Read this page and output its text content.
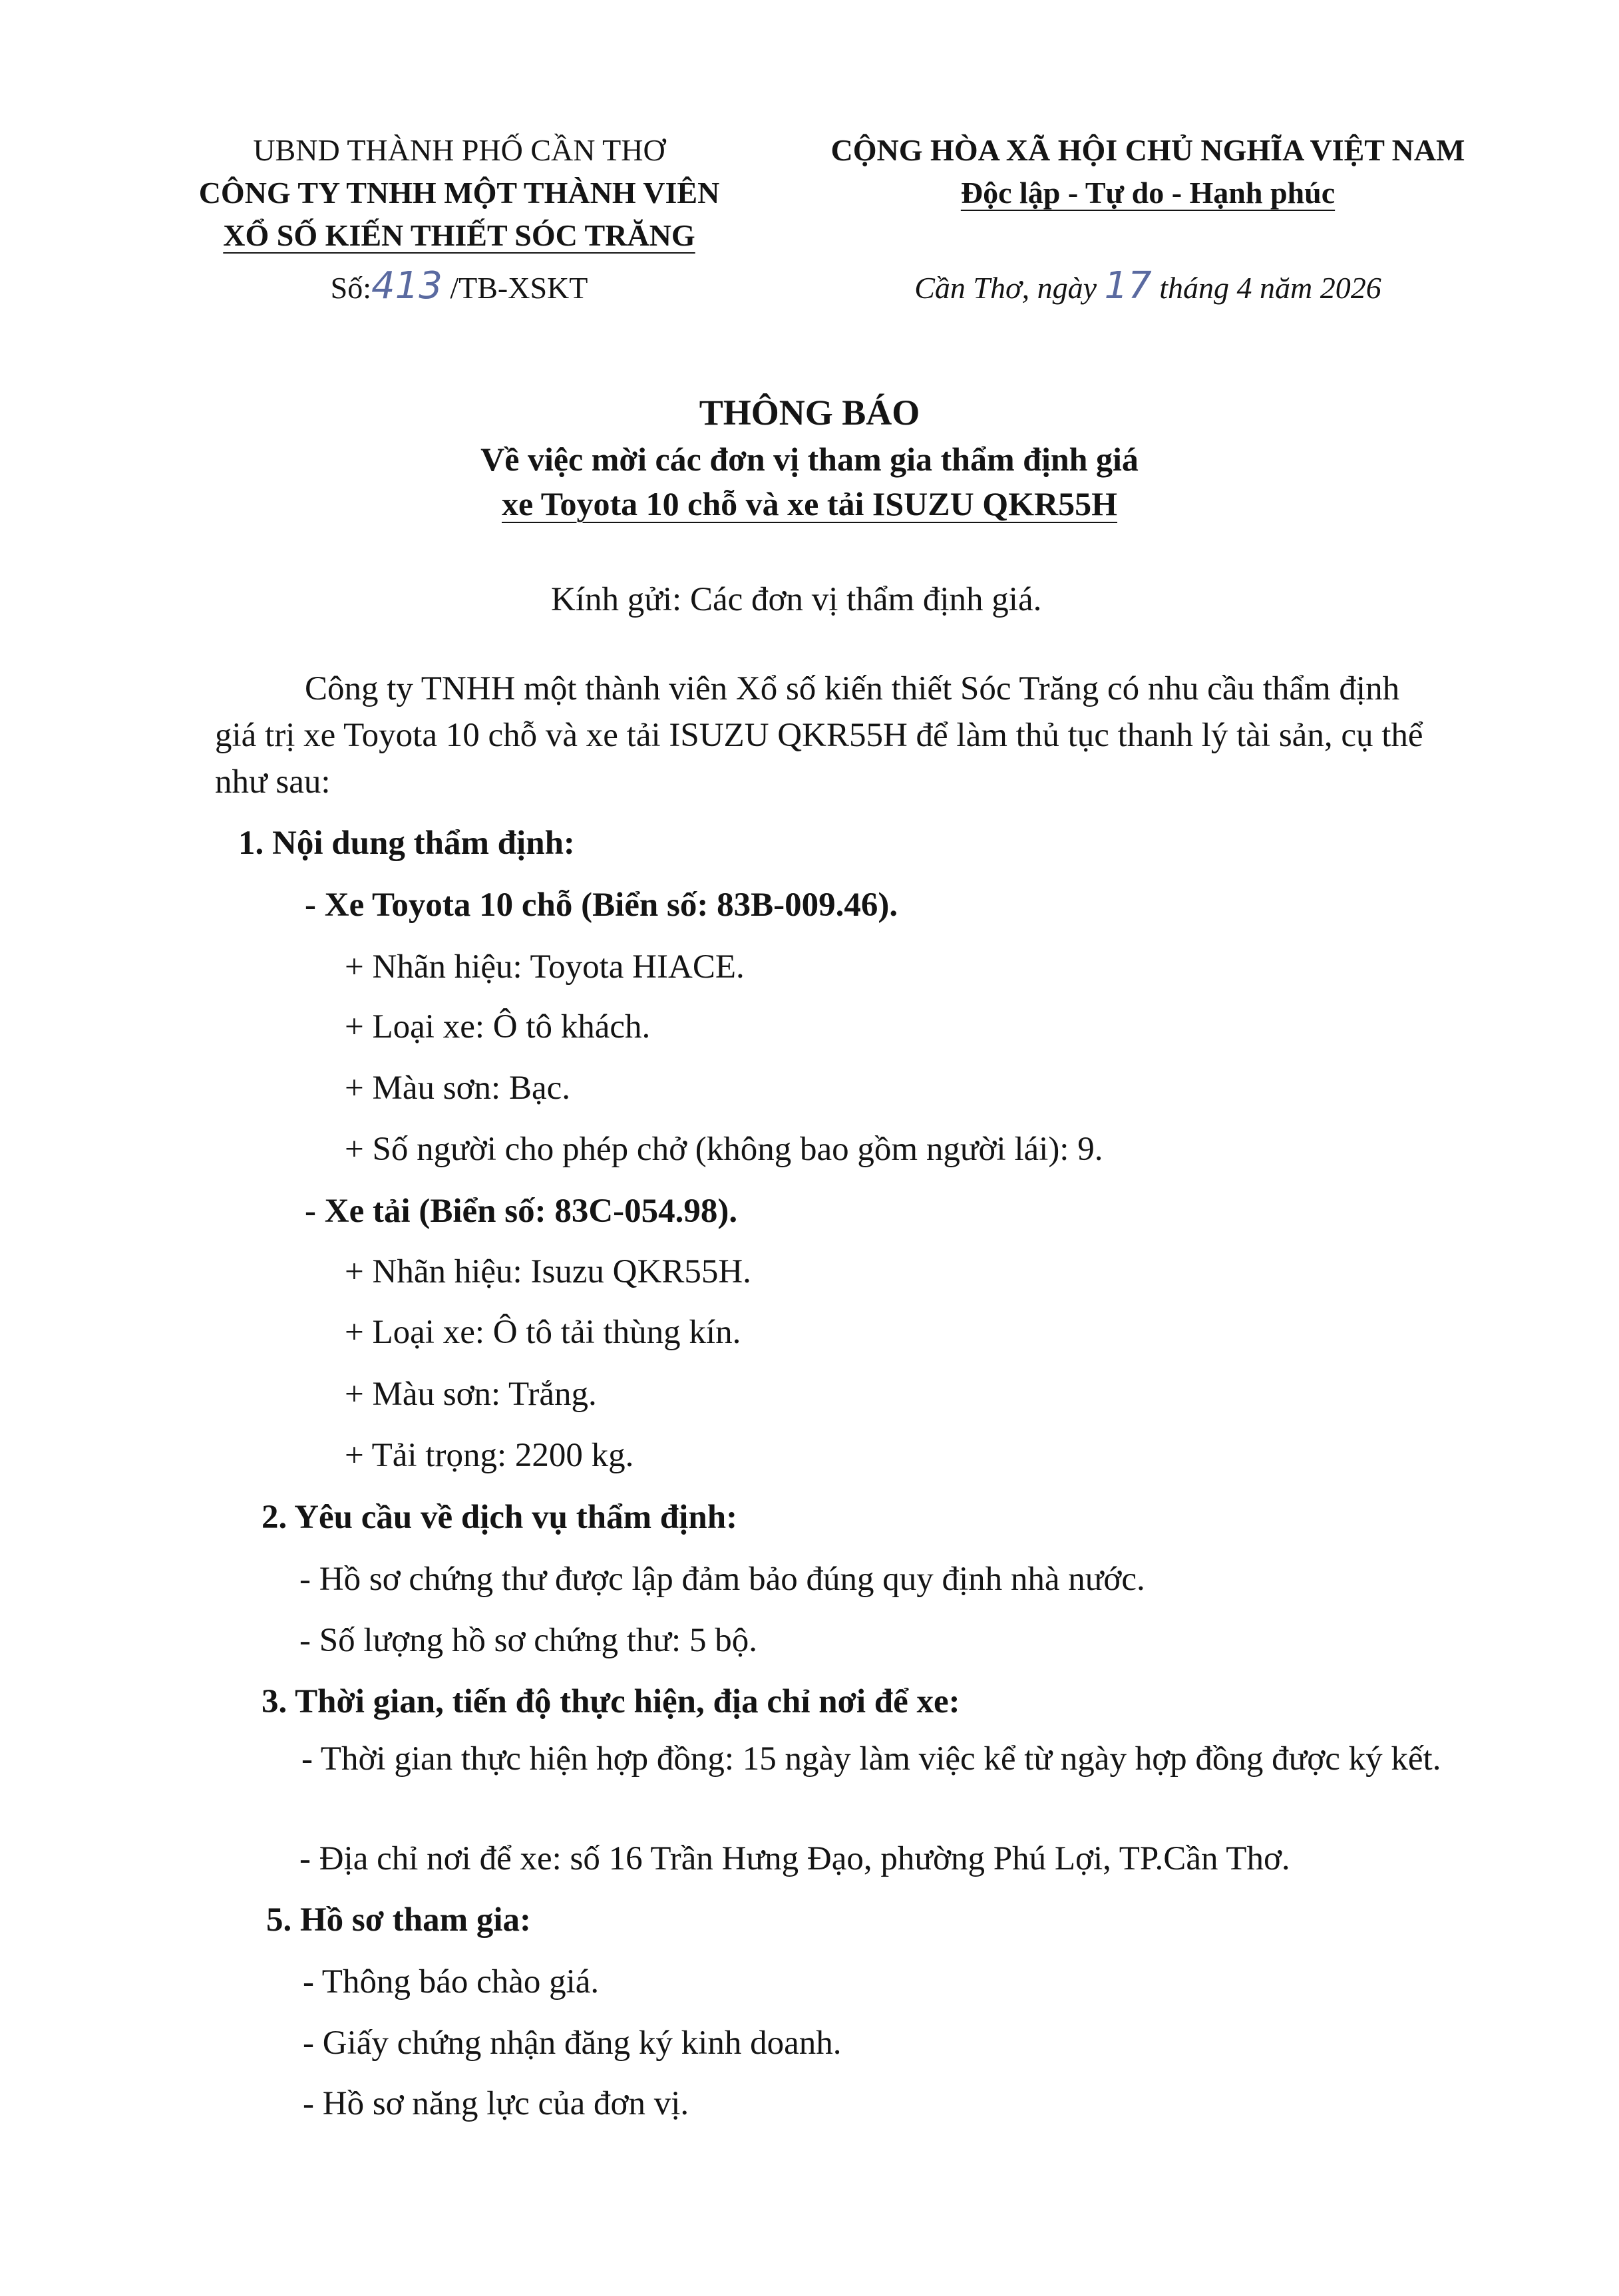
UBND THÀNH PHỐ CẦN THƠ
CÔNG TY TNHH MỘT THÀNH VIÊN
XỔ SỐ KIẾN THIẾT SÓC TRĂNG
Số:413 /TB-XSKT
CỘNG HÒA XÃ HỘI CHỦ NGHĨA VIỆT NAM
Độc lập - Tự do - Hạnh phúc
Cần Thơ, ngày 17 tháng 4 năm 2026
THÔNG BÁO
Về việc mời các đơn vị tham gia thẩm định giá
xe Toyota 10 chỗ và xe tải ISUZU QKR55H
Kính gửi: Các đơn vị thẩm định giá.
Công ty TNHH một thành viên Xổ số kiến thiết Sóc Trăng có nhu cầu thẩm định giá trị xe Toyota 10 chỗ và xe tải ISUZU QKR55H để làm thủ tục thanh lý tài sản, cụ thể như sau:
1. Nội dung thẩm định:
- Xe Toyota 10 chỗ (Biển số: 83B-009.46).
+ Nhãn hiệu: Toyota HIACE.
+ Loại xe: Ô tô khách.
+ Màu sơn: Bạc.
+ Số người cho phép chở (không bao gồm người lái): 9.
- Xe tải (Biển số: 83C-054.98).
+ Nhãn hiệu: Isuzu QKR55H.
+ Loại xe: Ô tô tải thùng kín.
+ Màu sơn: Trắng.
+ Tải trọng: 2200 kg.
2. Yêu cầu về dịch vụ thẩm định:
- Hồ sơ chứng thư được lập đảm bảo đúng quy định nhà nước.
- Số lượng hồ sơ chứng thư: 5 bộ.
3. Thời gian, tiến độ thực hiện, địa chỉ nơi để xe:
- Thời gian thực hiện hợp đồng: 15 ngày làm việc kể từ ngày hợp đồng được ký kết.
- Địa chỉ nơi để xe: số 16 Trần Hưng Đạo, phường Phú Lợi, TP.Cần Thơ.
5. Hồ sơ tham gia:
- Thông báo chào giá.
- Giấy chứng nhận đăng ký kinh doanh.
- Hồ sơ năng lực của đơn vị.
